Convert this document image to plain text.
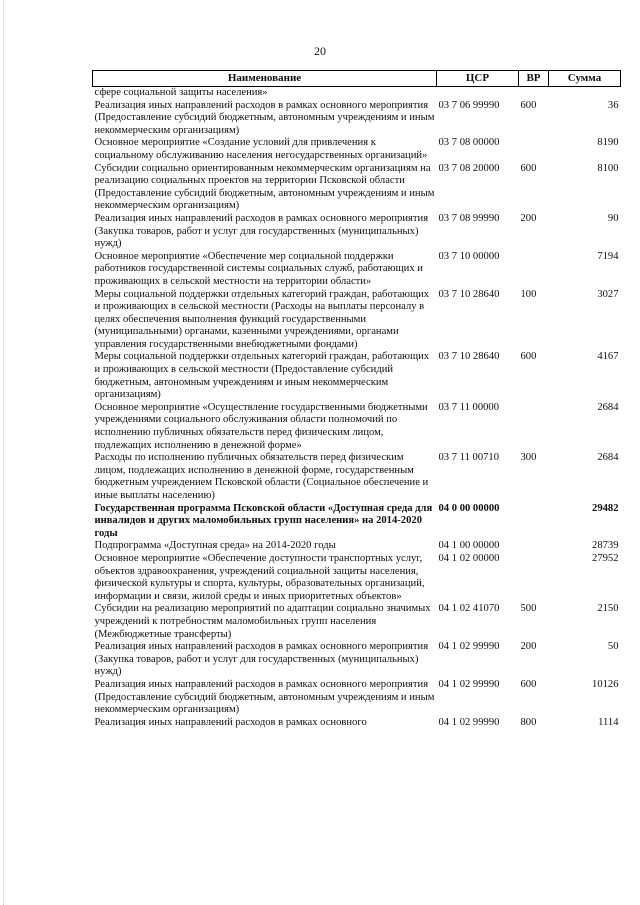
20
Наименование	ЦСР	ВР	Сумма
сфере социальной защиты населения»			
Реализация иных направлений расходов в рамках основного мероприятия (Предоставление субсидий бюджетным, автономным учреждениям и иным некоммерческим организациям)	03 7 06 99990	600	36
Основное мероприятие «Создание условий для привлечения к социальному обслуживанию населения негосударственных организаций»	03 7 08 00000		8190
Субсидии социально ориентированным некоммерческим организациям на реализацию социальных проектов на территории Псковской области (Предоставление субсидий бюджетным, автономным учреждениям и иным некоммерческим организациям)	03 7 08 20000	600	8100
Реализация иных направлений расходов в рамках основного мероприятия (Закупка товаров, работ и услуг для государственных (муниципальных) нужд)	03 7 08 99990	200	90
Основное мероприятие «Обеспечение мер социальной поддержки работников государственной системы социальных служб, работающих и проживающих в сельской местности на территории области»	03 7 10 00000		7194
Меры социальной поддержки отдельных категорий граждан, работающих и проживающих в сельской местности (Расходы на выплаты персоналу в целях обеспечения выполнения функций государственными (муниципальными) органами, казенными учреждениями, органами управления государственными внебюджетными фондами)	03 7 10 28640	100	3027
Меры социальной поддержки отдельных категорий граждан, работающих и проживающих в сельской местности (Предоставление субсидий бюджетным, автономным учреждениям и иным некоммерческим организациям)	03 7 10 28640	600	4167
Основное мероприятие «Осуществление государственными бюджетными учреждениями социального обслуживания области полномочий по исполнению публичных обязательств перед физическим лицом, подлежащих исполнению в денежной форме»	03 7 11 00000		2684
Расходы по исполнению публичных обязательств перед физическим лицом, подлежащих исполнению в денежной форме, государственным бюджетным учреждением Псковской области (Социальное обеспечение и иные выплаты населению)	03 7 11 00710	300	2684
Государственная программа Псковской области «Доступная среда для инвалидов и других маломобильных групп населения» на 2014-2020 годы	04 0 00 00000		29482
Подпрограмма «Доступная среда» на 2014-2020 годы	04 1 00 00000		28739
Основное мероприятие «Обеспечение доступности транспортных услуг, объектов здравоохранения, учреждений социальной защиты населения, физической культуры и спорта, культуры, образовательных организаций, информации и связи, жилой среды и иных приоритетных объектов»	04 1 02 00000		27952
Субсидии на реализацию мероприятий по адаптации социально значимых учреждений к потребностям маломобильных групп населения (Межбюджетные трансферты)	04 1 02 41070	500	2150
Реализация иных направлений расходов в рамках основного мероприятия (Закупка товаров, работ и услуг для государственных (муниципальных) нужд)	04 1 02 99990	200	50
Реализация иных направлений расходов в рамках основного мероприятия (Предоставление субсидий бюджетным, автономным учреждениям и иным некоммерческим организациям)	04 1 02 99990	600	10126
Реализация иных направлений расходов в рамках основного	04 1 02 99990	800	1114
